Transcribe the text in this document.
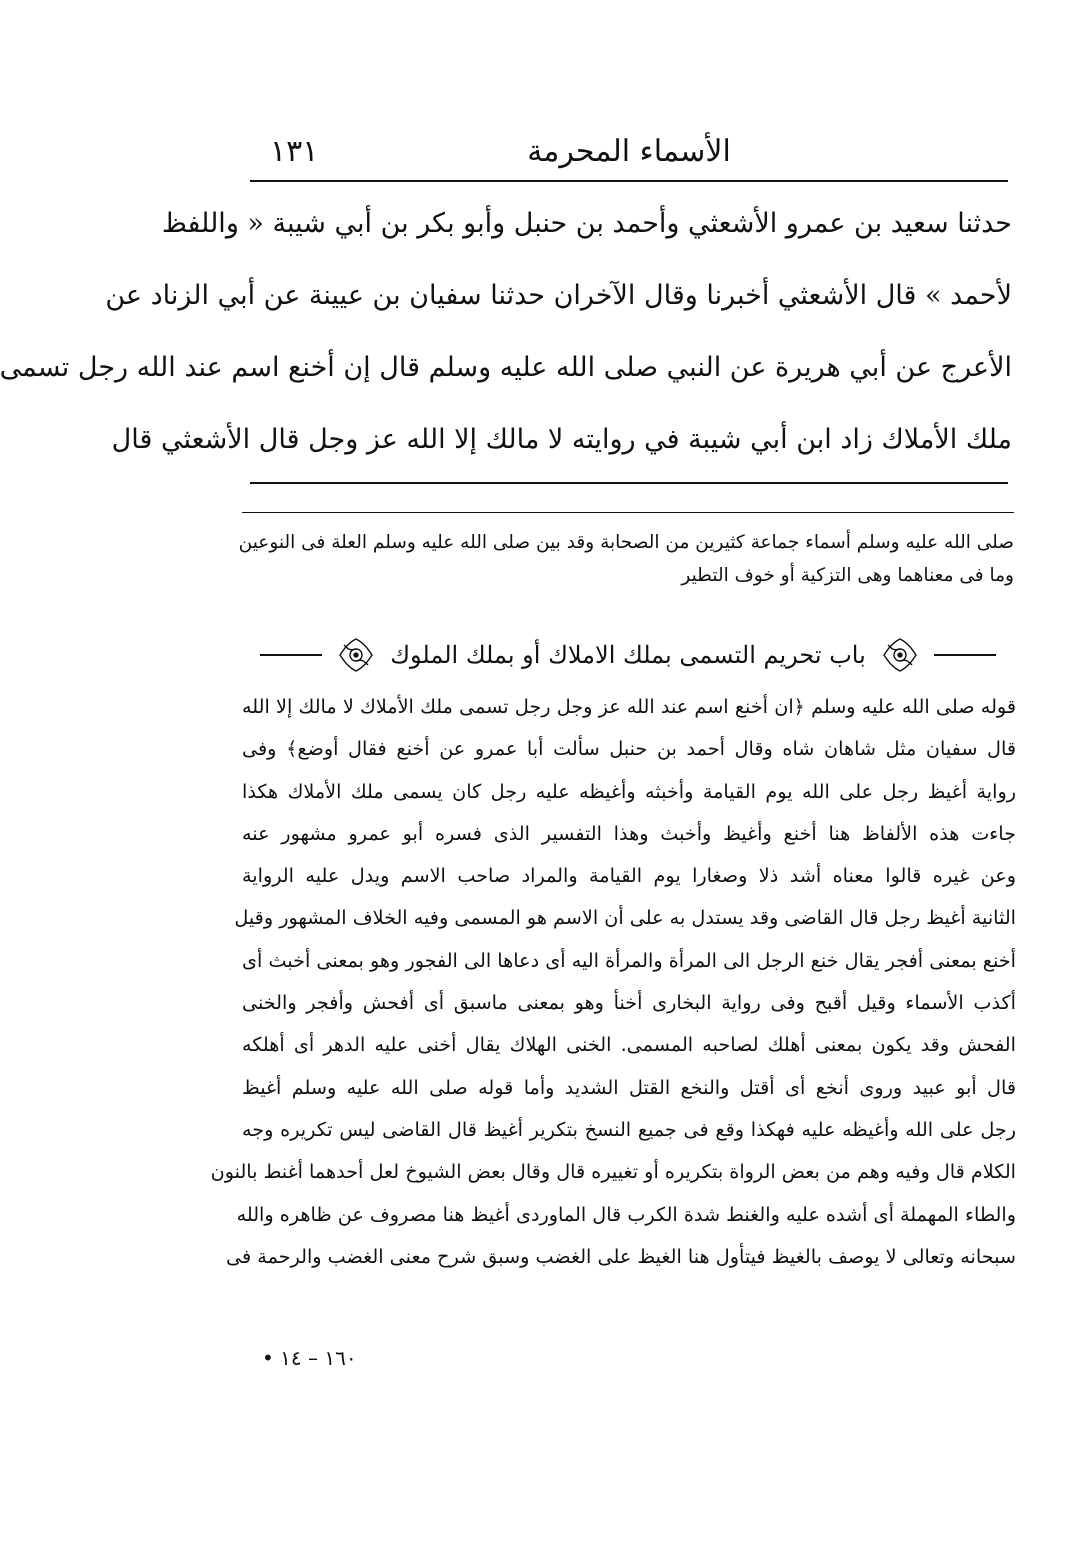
١٣١	الأسماء المحرمة
حدثنا سعيد بن عمرو الأشعثي وأحمد بن حنبل وأبو بكر بن أبي شيبة « واللفظ
لأحمد » قال الأشعثي أخبرنا وقال الآخران حدثنا سفيان بن عيينة عن أبي الزناد عن
الأعرج عن أبي هريرة عن النبي صلى الله عليه وسلم قال إن أخنع اسم عند الله رجل تسمى
ملك الأملاك زاد ابن أبي شيبة في روايته لا مالك إلا الله عز وجل قال الأشعثي قال
صلى الله عليه وسلم أسماء جماعة كثيرين من الصحابة وقد بين صلى الله عليه وسلم العلة فى النوعين
وما فى معناهما وهى التزكية أو خوف التطير
باب تحريم التسمى بملك الاملاك أو بملك الملوك
قوله صلى الله عليه وسلم ﴿ان أخنع اسم عند الله عز وجل رجل تسمى ملك الأملاك لا مالك إلا الله
قال سفيان مثل شاهان شاه وقال أحمد بن حنبل سألت أبا عمرو عن أخنع فقال أوضع﴾ وفى
رواية أغيظ رجل على الله يوم القيامة وأخبثه وأغيظه عليه رجل كان يسمى ملك الأملاك هكذا
جاءت هذه الألفاظ هنا أخنع وأغيظ وأخبث وهذا التفسير الذى فسره أبو عمرو مشهور عنه
وعن غيره قالوا معناه أشد ذلا وصغارا يوم القيامة والمراد صاحب الاسم ويدل عليه الرواية
الثانية أغيظ رجل قال القاضى وقد يستدل به على أن الاسم هو المسمى وفيه الخلاف المشهور وقيل
أخنع بمعنى أفجر يقال خنع الرجل الى المرأة والمرأة اليه أى دعاها الى الفجور وهو بمعنى أخبث أى
أكذب الأسماء وقيل أقبح وفى رواية البخارى أخنأ وهو بمعنى ماسبق أى أفحش وأفجر والخنى
الفحش وقد يكون بمعنى أهلك لصاحبه المسمى. الخنى الهلاك يقال أخنى عليه الدهر أى أهلكه
قال أبو عبيد وروى أنخع أى أقتل والنخع القتل الشديد وأما قوله صلى الله عليه وسلم أغيظ
رجل على الله وأغيظه عليه فهكذا وقع فى جميع النسخ بتكرير أغيظ قال القاضى ليس تكريره وجه
الكلام قال وفيه وهم من بعض الرواة بتكريره أو تغييره قال وقال بعض الشيوخ لعل أحدهما أغنط بالنون
والطاء المهملة أى أشده عليه والغنط شدة الكرب قال الماوردى أغيظ هنا مصروف عن ظاهره والله
سبحانه وتعالى لا يوصف بالغيظ فيتأول هنا الغيظ على الغضب وسبق شرح معنى الغضب والرحمة فى
١٦٠ – ١٤ •
